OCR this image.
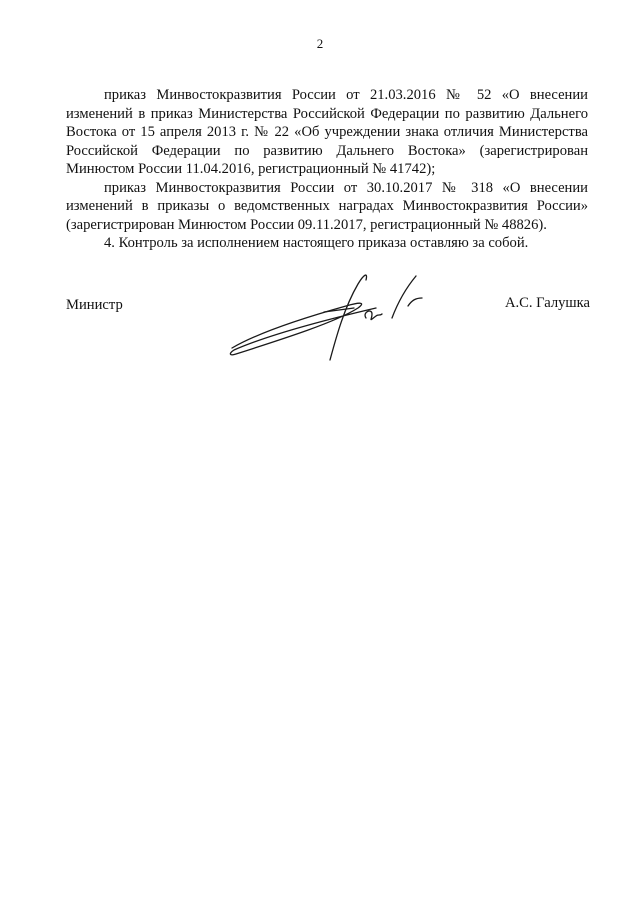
2

приказ Минвостокразвития России от 21.03.2016 № 52 «О внесении изменений в приказ Министерства Российской Федерации по развитию Дальнего Востока от 15 апреля 2013 г. № 22 «Об учреждении знака отличия Министерства Российской Федерации по развитию Дальнего Востока» (зарегистрирован Минюстом России 11.04.2016, регистрационный № 41742);

приказ Минвостокразвития России от 30.10.2017 № 318 «О внесении изменений в приказы о ведомственных наградах Минвостокразвития России» (зарегистрирован Минюстом России 09.11.2017, регистрационный № 48826).

4. Контроль за исполнением настоящего приказа оставляю за собой.

Министр	А.С. Галушка
